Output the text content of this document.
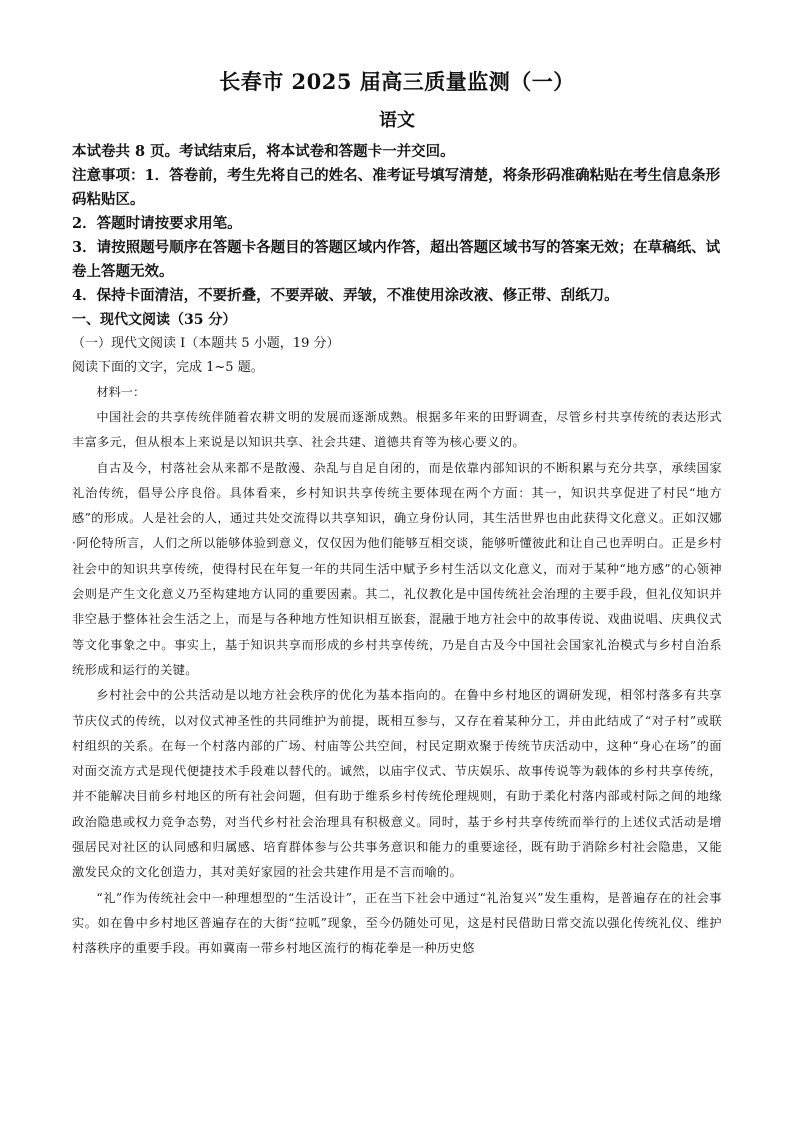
长春市 2025 届高三质量监测（一）
语文

本试卷共 8 页。考试结束后，将本试卷和答题卡一并交回。

注意事项：1．答卷前，考生先将自己的姓名、准考证号填写清楚，将条形码准确粘贴在考生信息条形码粘贴区。

2．答题时请按要求用笔。

3．请按照题号顺序在答题卡各题目的答题区域内作答，超出答题区域书写的答案无效；在草稿纸、试卷上答题无效。

4．保持卡面清洁，不要折叠，不要弄破、弄皱，不准使用涂改液、修正带、刮纸刀。

一、现代文阅读（35 分）

（一）现代文阅读 I（本题共 5 小题，19 分）

阅读下面的文字，完成 1~5 题。

材料一：

中国社会的共享传统伴随着农耕文明的发展而逐渐成熟。根据多年来的田野调查，尽管乡村共享传统的表达形式丰富多元，但从根本上来说是以知识共享、社会共建、道德共育等为核心要义的。

自古及今，村落社会从来都不是散漫、杂乱与自足自闭的，而是依靠内部知识的不断积累与充分共享，承续国家礼治传统，倡导公序良俗。具体看来，乡村知识共享传统主要体现在两个方面：其一，知识共享促进了村民“地方感”的形成。人是社会的人，通过共处交流得以共享知识，确立身份认同，其生活世界也由此获得文化意义。正如汉娜·阿伦特所言，人们之所以能够体验到意义，仅仅因为他们能够互相交谈，能够听懂彼此和让自己也弄明白。正是乡村社会中的知识共享传统，使得村民在年复一年的共同生活中赋予乡村生活以文化意义，而对于某种“地方感”的心领神会则是产生文化意义乃至构建地方认同的重要因素。其二，礼仪教化是中国传统社会治理的主要手段，但礼仪知识并非空悬于整体社会生活之上，而是与各种地方性知识相互嵌套，混融于地方社会中的故事传说、戏曲说唱、庆典仪式等文化事象之中。事实上，基于知识共享而形成的乡村共享传统，乃是自古及今中国社会国家礼治模式与乡村自治系统形成和运行的关键。

乡村社会中的公共活动是以地方社会秩序的优化为基本指向的。在鲁中乡村地区的调研发现，相邻村落多有共享节庆仪式的传统，以对仪式神圣性的共同维护为前提，既相互参与，又存在着某种分工，并由此结成了“对子村”或联村组织的关系。在每一个村落内部的广场、村庙等公共空间，村民定期欢聚于传统节庆活动中，这种“身心在场”的面对面交流方式是现代便捷技术手段难以替代的。诚然，以庙宇仪式、节庆娱乐、故事传说等为载体的乡村共享传统，并不能解决目前乡村地区的所有社会问题，但有助于维系乡村传统伦理规则，有助于柔化村落内部或村际之间的地缘政治隐患或权力竞争态势，对当代乡村社会治理具有积极意义。同时，基于乡村共享传统而举行的上述仪式活动是增强居民对社区的认同感和归属感、培育群体参与公共事务意识和能力的重要途径，既有助于消除乡村社会隐患，又能激发民众的文化创造力，其对美好家园的社会共建作用是不言而喻的。

“礼”作为传统社会中一种理想型的“生活设计”，正在当下社会中通过“礼治复兴”发生重构，是普遍存在的社会事实。如在鲁中乡村地区普遍存在的大街“拉呱”现象，至今仍随处可见，这是村民借助日常交流以强化传统礼仪、维护村落秩序的重要手段。再如冀南一带乡村地区流行的梅花拳是一种历史悠
